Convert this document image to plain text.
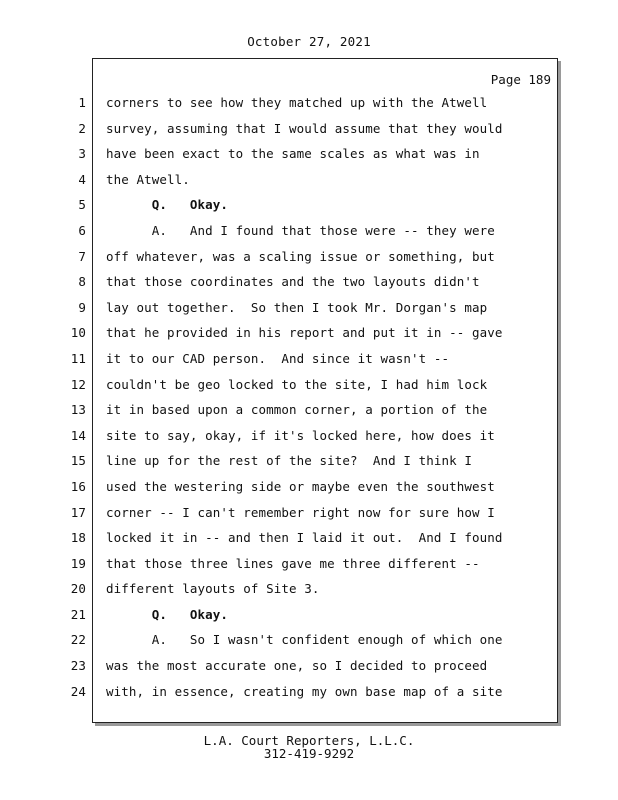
October 27, 2021
Page 189
1
2
3
4
5
6
7
8
9
10
11
12
13
14
15
16
17
18
19
20
21
22
23
24
corners to see how they matched up with the Atwell
survey, assuming that I would assume that they would
have been exact to the same scales as what was in
the Atwell.
Q.   Okay.
A.   And I found that those were -- they were
off whatever, was a scaling issue or something, but
that those coordinates and the two layouts didn't
lay out together.  So then I took Mr. Dorgan's map
that he provided in his report and put it in -- gave
it to our CAD person.  And since it wasn't --
couldn't be geo locked to the site, I had him lock
it in based upon a common corner, a portion of the
site to say, okay, if it's locked here, how does it
line up for the rest of the site?  And I think I
used the westering side or maybe even the southwest
corner -- I can't remember right now for sure how I
locked it in -- and then I laid it out.  And I found
that those three lines gave me three different --
different layouts of Site 3.
Q.   Okay.
A.   So I wasn't confident enough of which one
was the most accurate one, so I decided to proceed
with, in essence, creating my own base map of a site
L.A. Court Reporters, L.L.C.
312-419-9292
